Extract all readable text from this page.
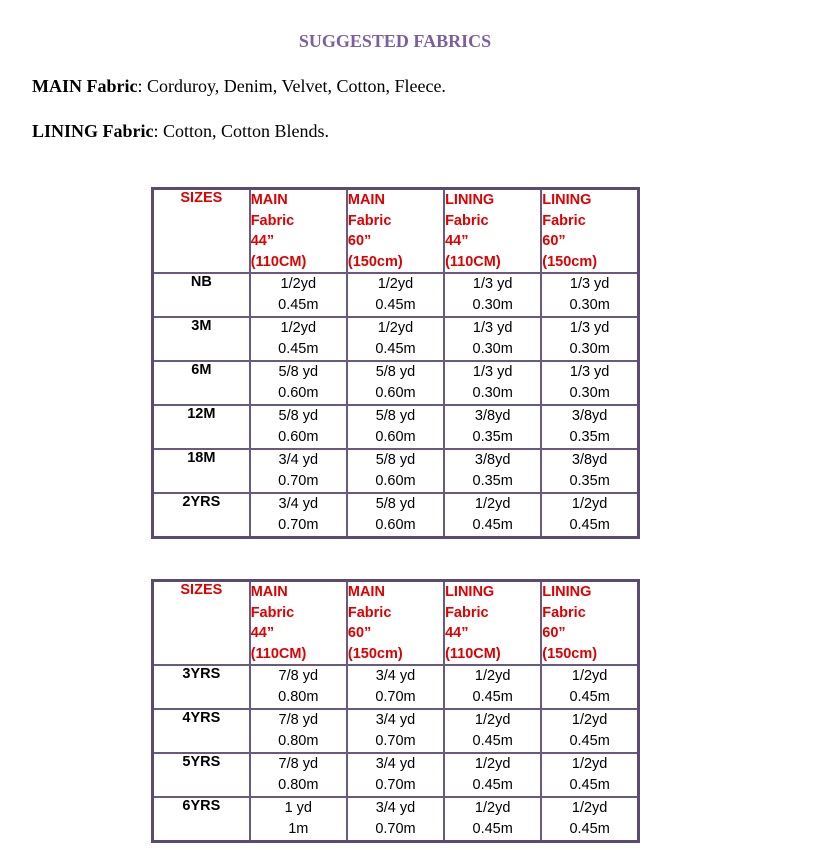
SUGGESTED FABRICS
MAIN Fabric: Corduroy, Denim, Velvet, Cotton, Fleece.
LINING Fabric: Cotton, Cotton Blends.
SIZES	MAIN
Fabric
44”
(110CM)	MAIN
Fabric
60”
(150cm)	LINING
Fabric
44”
(110CM)	LINING
Fabric
60”
(150cm)
NB	1/2yd
0.45m	1/2yd
0.45m	1/3 yd
0.30m	1/3 yd
0.30m

3M	1/2yd
0.45m	1/2yd
0.45m	1/3 yd
0.30m	1/3 yd
0.30m

6M	5/8 yd
0.60m	5/8 yd
0.60m	1/3 yd
0.30m	1/3 yd
0.30m

12M	5/8 yd
0.60m	5/8 yd
0.60m	3/8yd
0.35m	3/8yd
0.35m

18M	3/4 yd
0.70m	5/8 yd
0.60m	3/8yd
0.35m	3/8yd
0.35m

2YRS	3/4 yd
0.70m	5/8 yd
0.60m	1/2yd
0.45m	1/2yd
0.45m
SIZES	MAIN
Fabric
44”
(110CM)	MAIN
Fabric
60”
(150cm)	LINING
Fabric
44”
(110CM)	LINING
Fabric
60”
(150cm)
3YRS	7/8 yd
0.80m	3/4 yd
0.70m	1/2yd
0.45m	1/2yd
0.45m

4YRS	7/8 yd
0.80m	3/4 yd
0.70m	1/2yd
0.45m	1/2yd
0.45m

5YRS	7/8 yd
0.80m	3/4 yd
0.70m	1/2yd
0.45m	1/2yd
0.45m

6YRS	1 yd
1m	3/4 yd
0.70m	1/2yd
0.45m	1/2yd
0.45m
